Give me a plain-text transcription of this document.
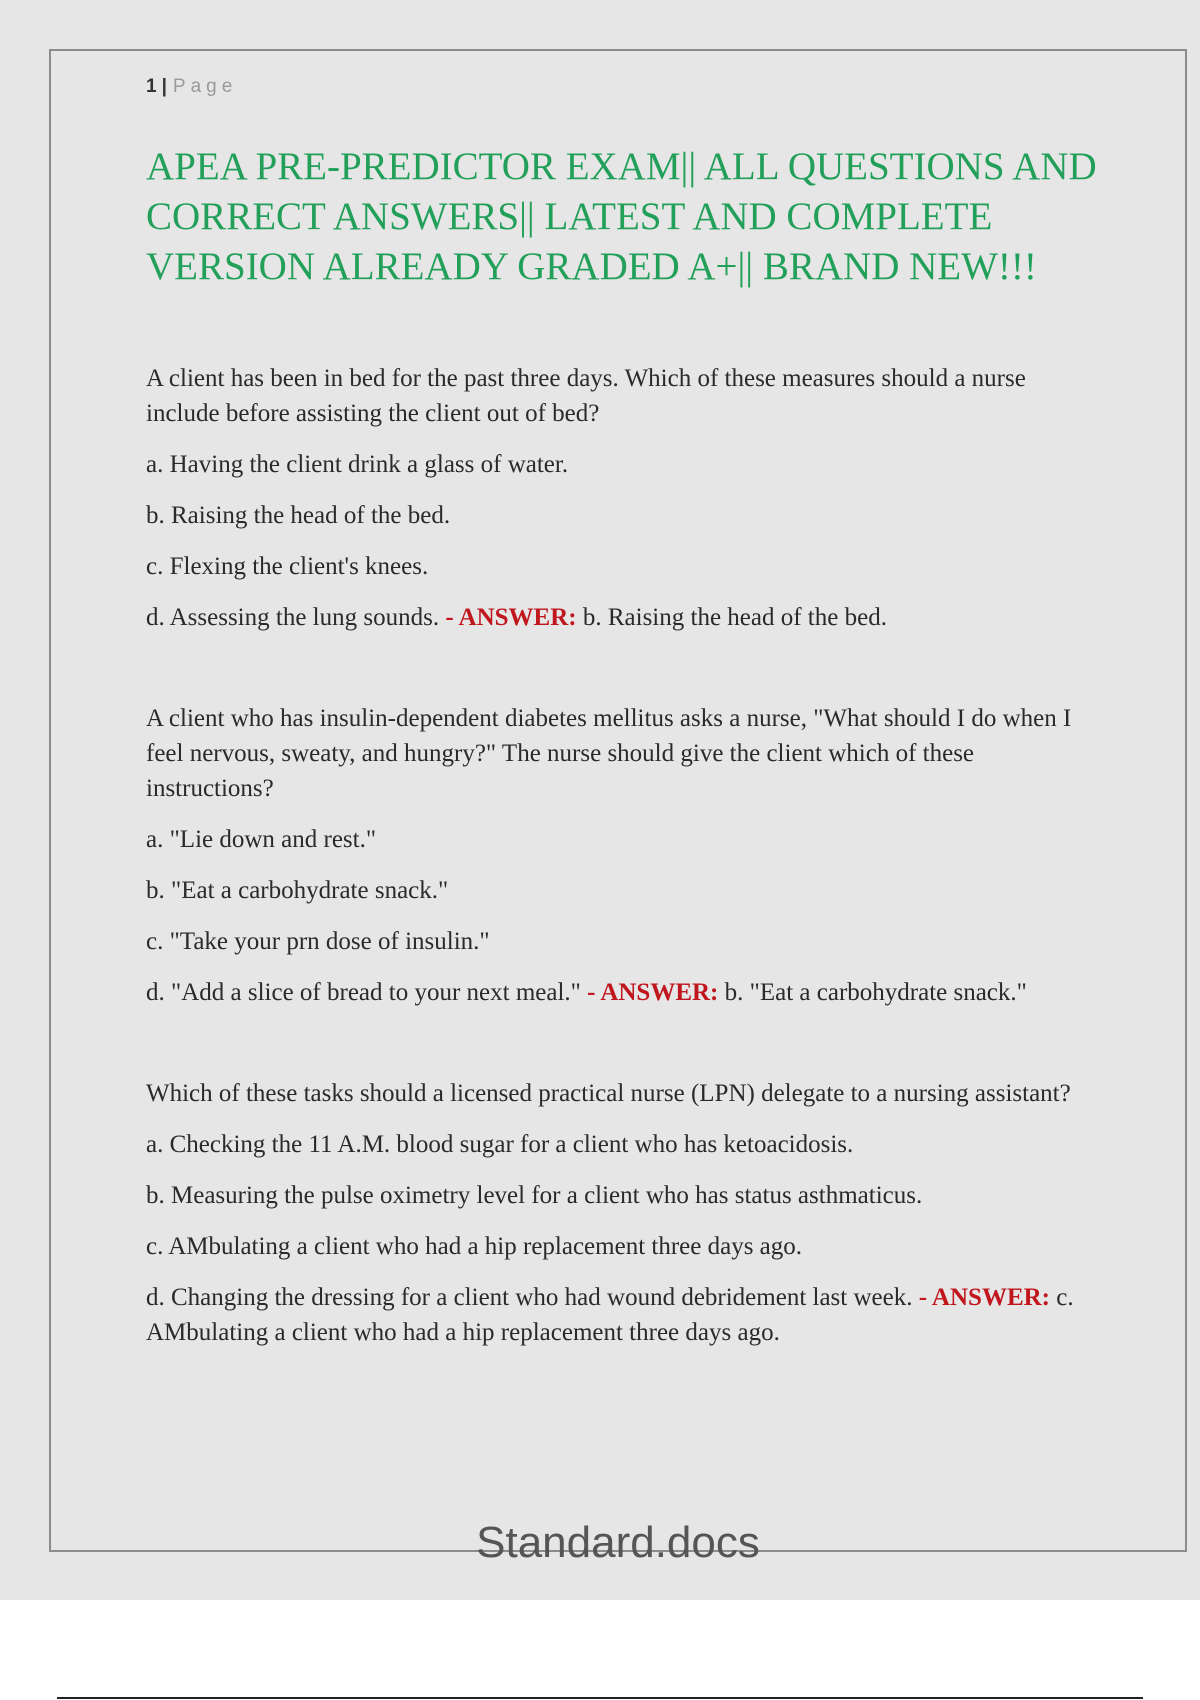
1 | Page
APEA PRE-PREDICTOR EXAM|| ALL QUESTIONS AND CORRECT ANSWERS|| LATEST AND COMPLETE VERSION ALREADY GRADED A+|| BRAND NEW!!!

A client has been in bed for the past three days. Which of these measures should a nurse include before assisting the client out of bed?

a. Having the client drink a glass of water.

b. Raising the head of the bed.

c. Flexing the client's knees.

d. Assessing the lung sounds. - ANSWER: b. Raising the head of the bed.

A client who has insulin-dependent diabetes mellitus asks a nurse, "What should I do when I feel nervous, sweaty, and hungry?" The nurse should give the client which of these instructions?

a. "Lie down and rest."

b. "Eat a carbohydrate snack."

c. "Take your prn dose of insulin."

d. "Add a slice of bread to your next meal." - ANSWER: b. "Eat a carbohydrate snack."

Which of these tasks should a licensed practical nurse (LPN) delegate to a nursing assistant?

a. Checking the 11 A.M. blood sugar for a client who has ketoacidosis.

b. Measuring the pulse oximetry level for a client who has status asthmaticus.

c. AMbulating a client who had a hip replacement three days ago.

d. Changing the dressing for a client who had wound debridement last week. - ANSWER: c. AMbulating a client who had a hip replacement three days ago.

Standard.docs
